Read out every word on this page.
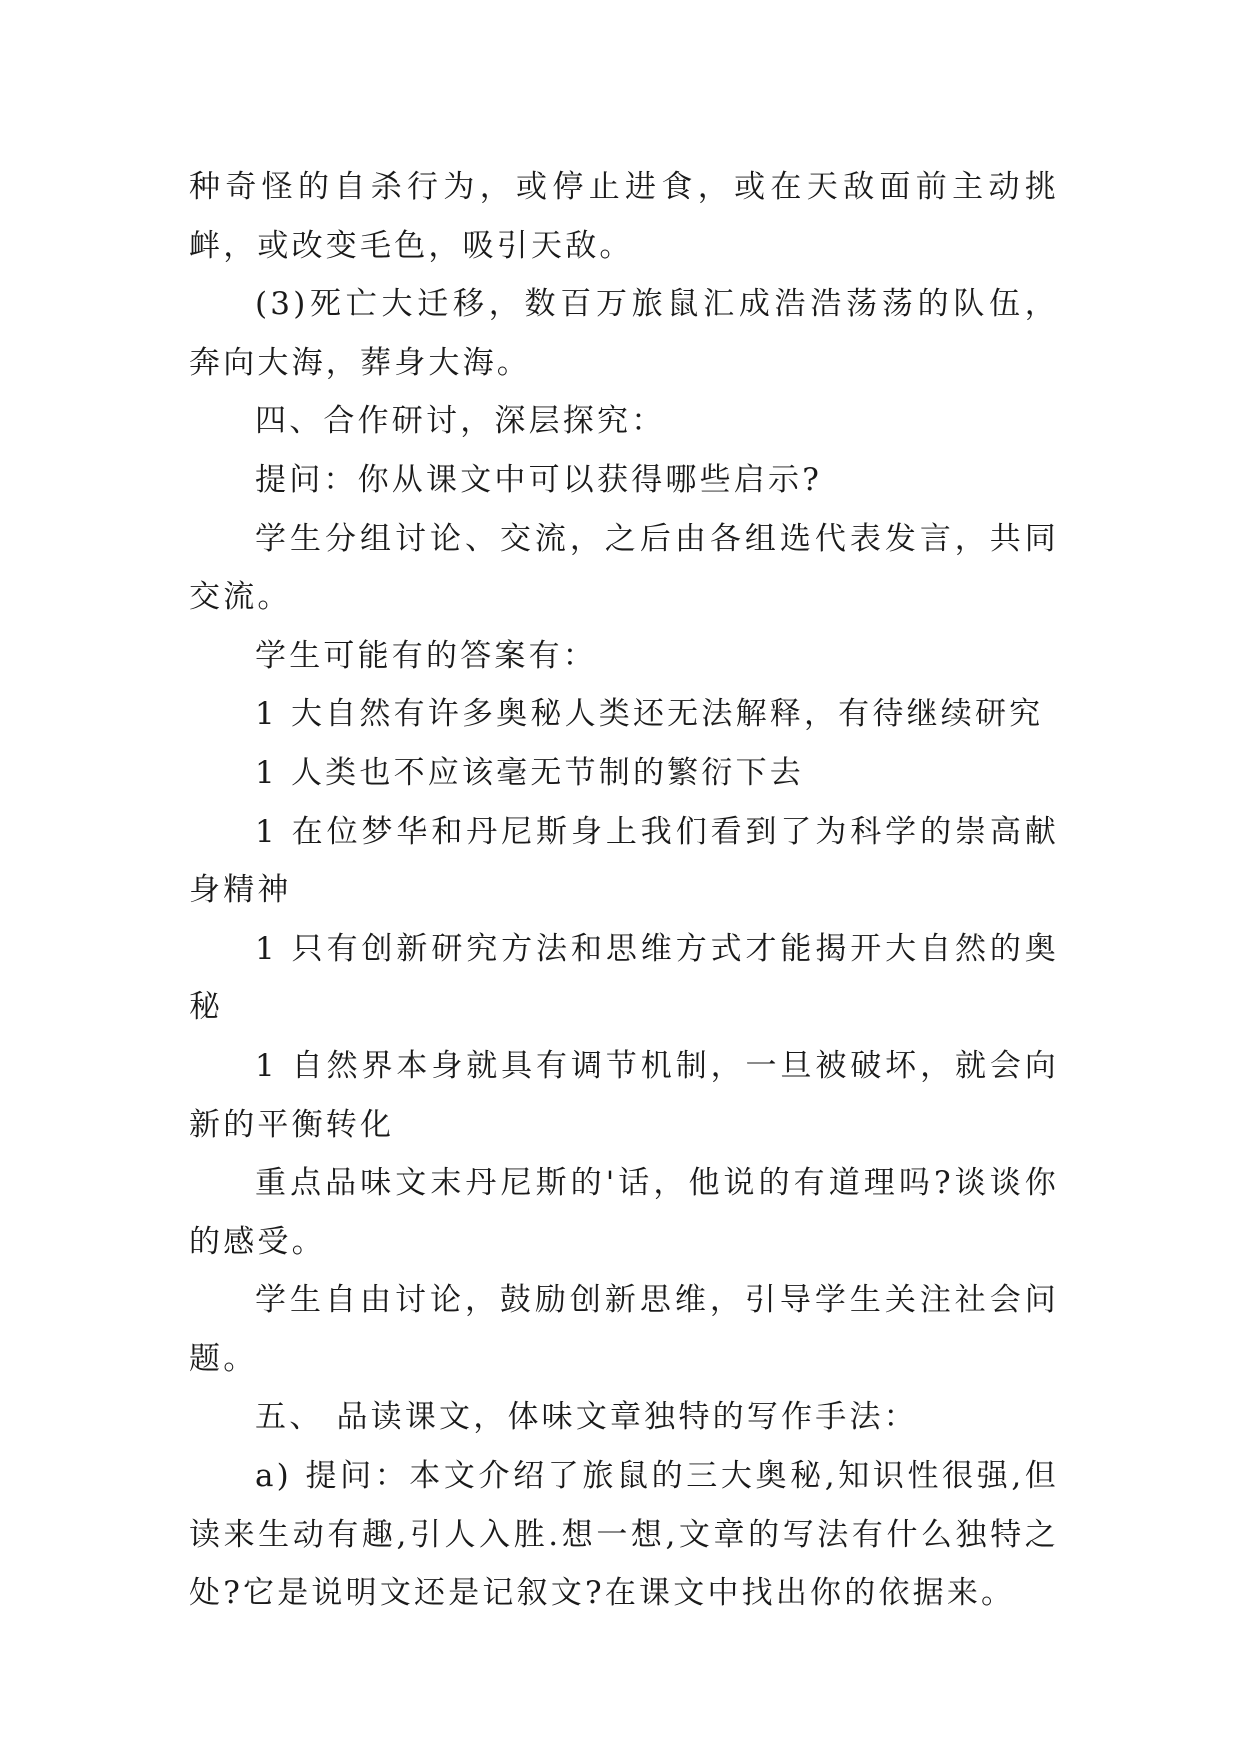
种奇怪的自杀行为，或停止进食，或在天敌面前主动挑衅，或改变毛色，吸引天敌。

(3)死亡大迁移，数百万旅鼠汇成浩浩荡荡的队伍，奔向大海，葬身大海。

四、合作研讨，深层探究：

提问：你从课文中可以获得哪些启示?

学生分组讨论、交流，之后由各组选代表发言，共同交流。

学生可能有的答案有：

1 大自然有许多奥秘人类还无法解释，有待继续研究

1 人类也不应该毫无节制的繁衍下去

1 在位梦华和丹尼斯身上我们看到了为科学的崇高献身精神

1 只有创新研究方法和思维方式才能揭开大自然的奥秘

1 自然界本身就具有调节机制，一旦被破坏，就会向新的平衡转化

重点品味文末丹尼斯的'话，他说的有道理吗?谈谈你的感受。

学生自由讨论，鼓励创新思维，引导学生关注社会问题。

五、 品读课文，体味文章独特的写作手法：

a) 提问：本文介绍了旅鼠的三大奥秘,知识性很强,但读来生动有趣,引人入胜.想一想,文章的写法有什么独特之处?它是说明文还是记叙文?在课文中找出你的依据来。
